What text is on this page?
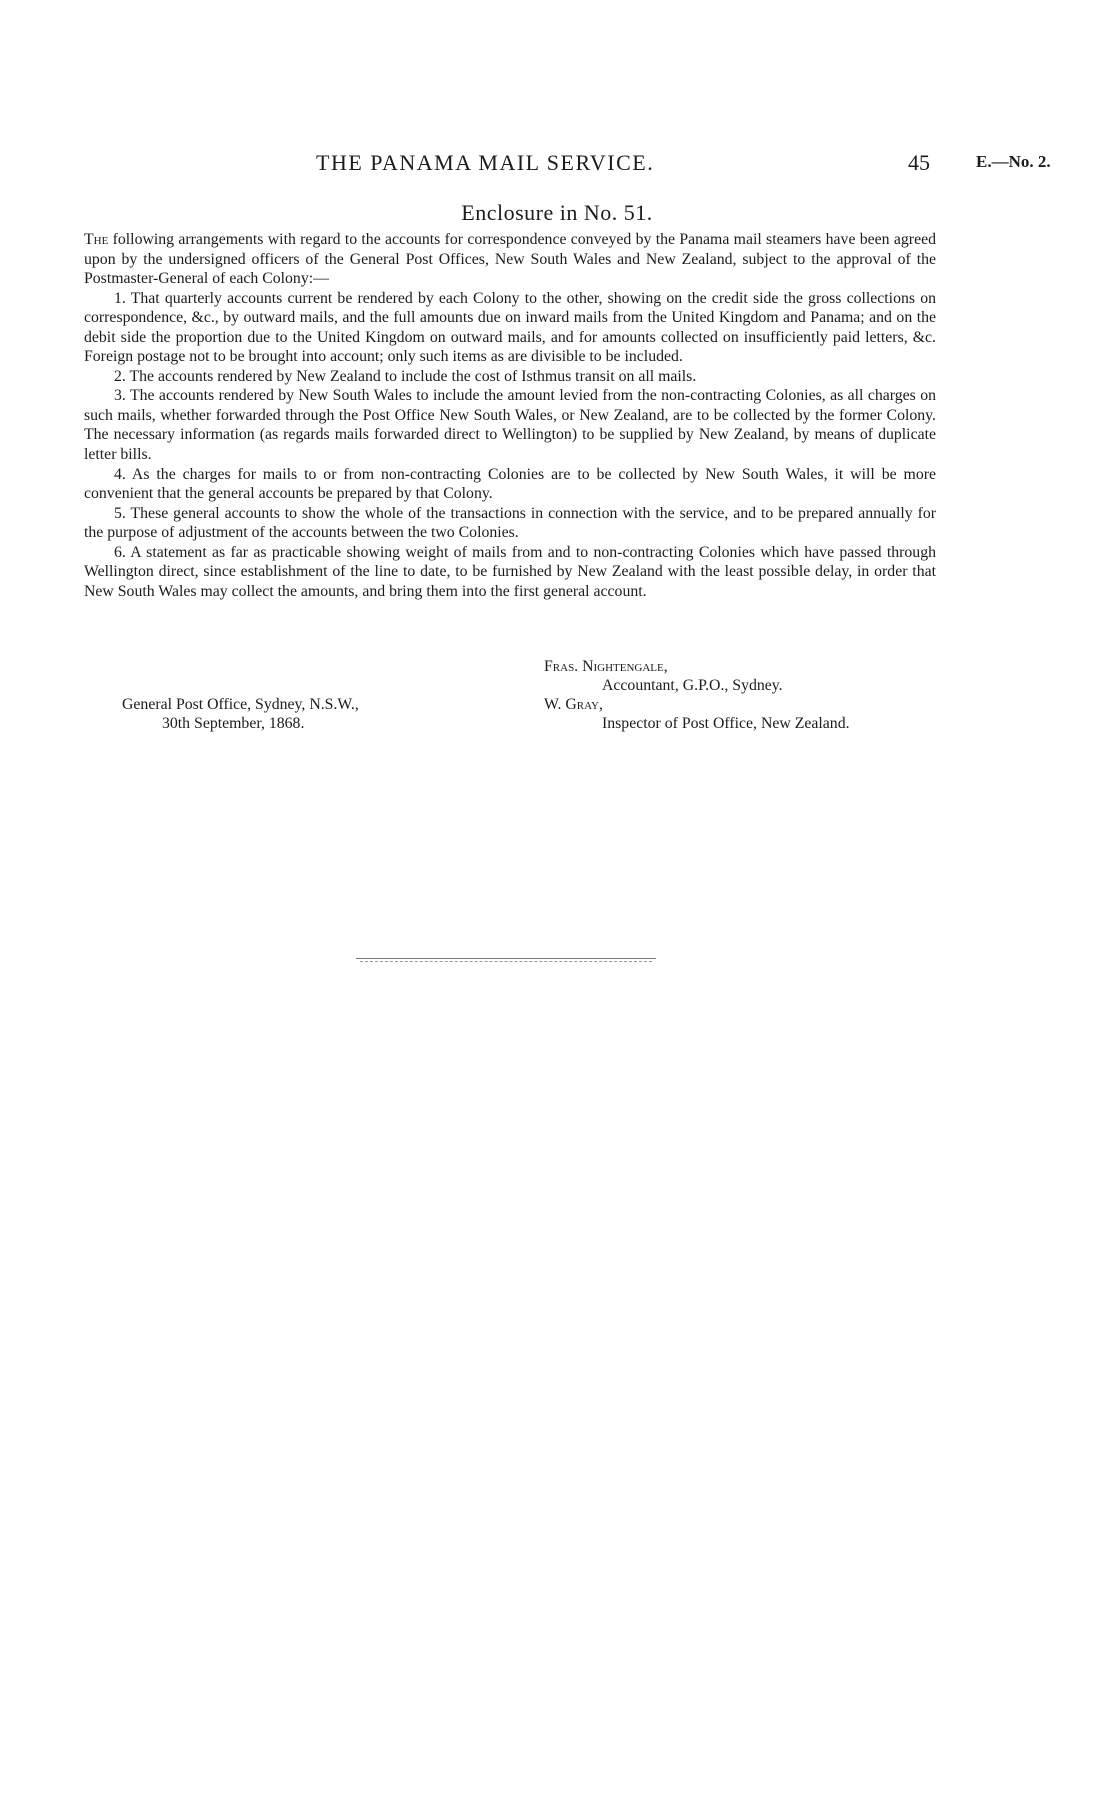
THE PANAMA MAIL SERVICE.	45	E.—No. 2.
Enclosure in No. 51.

The following arrangements with regard to the accounts for correspondence conveyed by the Panama mail steamers have been agreed upon by the undersigned officers of the General Post Offices, New South Wales and New Zealand, subject to the approval of the Postmaster-General of each Colony:—

1. That quarterly accounts current be rendered by each Colony to the other, showing on the credit side the gross collections on correspondence, &c., by outward mails, and the full amounts due on inward mails from the United Kingdom and Panama; and on the debit side the proportion due to the United Kingdom on outward mails, and for amounts collected on insufficiently paid letters, &c. Foreign postage not to be brought into account; only such items as are divisible to be included.

2. The accounts rendered by New Zealand to include the cost of Isthmus transit on all mails.

3. The accounts rendered by New South Wales to include the amount levied from the non-contracting Colonies, as all charges on such mails, whether forwarded through the Post Office New South Wales, or New Zealand, are to be collected by the former Colony. The necessary information (as regards mails forwarded direct to Wellington) to be supplied by New Zealand, by means of duplicate letter bills.

4. As the charges for mails to or from non-contracting Colonies are to be collected by New South Wales, it will be more convenient that the general accounts be prepared by that Colony.

5. These general accounts to show the whole of the transactions in connection with the service, and to be prepared annually for the purpose of adjustment of the accounts between the two Colonies.

6. A statement as far as practicable showing weight of mails from and to non-contracting Colonies which have passed through Wellington direct, since establishment of the line to date, to be furnished by New Zealand with the least possible delay, in order that New South Wales may collect the amounts, and bring them into the first general account.

Fras. Nightengale,
Accountant, G.P.O., Sydney.
General Post Office, Sydney, N.S.W.,	W. Gray,
30th September, 1868.	Inspector of Post Office, New Zealand.
